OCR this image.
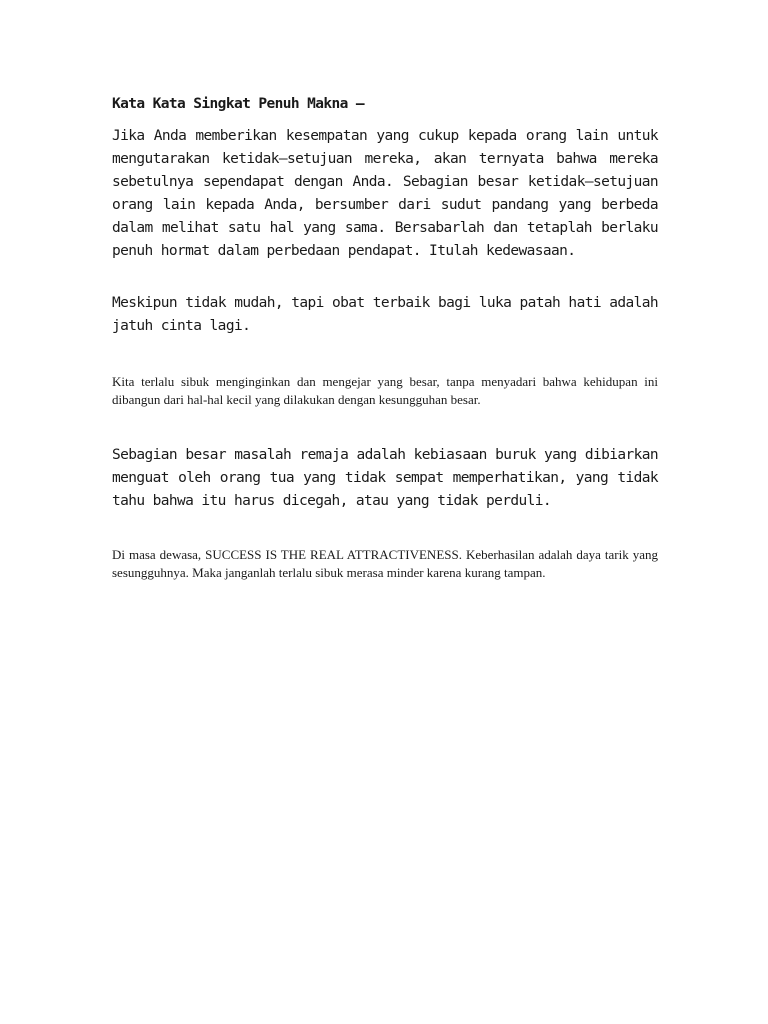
Kata Kata Singkat Penuh Makna –

Jika Anda memberikan kesempatan yang cukup kepada orang lain untuk mengutarakan ketidak–setujuan mereka, akan ternyata bahwa mereka sebetulnya sependapat dengan Anda. Sebagian besar ketidak–setujuan orang lain kepada Anda, bersumber dari sudut pandang yang berbeda dalam melihat satu hal yang sama. Bersabarlah dan tetaplah berlaku penuh hormat dalam perbedaan pendapat. Itulah kedewasaan.

Meskipun tidak mudah, tapi obat terbaik bagi luka patah hati adalah jatuh cinta lagi.

Kita terlalu sibuk menginginkan dan mengejar yang besar, tanpa menyadari bahwa kehidupan ini dibangun dari hal-hal kecil yang dilakukan dengan kesungguhan besar.

Sebagian besar masalah remaja adalah kebiasaan buruk yang dibiarkan menguat oleh orang tua yang tidak sempat memperhatikan, yang tidak tahu bahwa itu harus dicegah, atau yang tidak perduli.

Di masa dewasa, SUCCESS IS THE REAL ATTRACTIVENESS. Keberhasilan adalah daya tarik yang sesungguhnya. Maka janganlah terlalu sibuk merasa minder karena kurang tampan.
